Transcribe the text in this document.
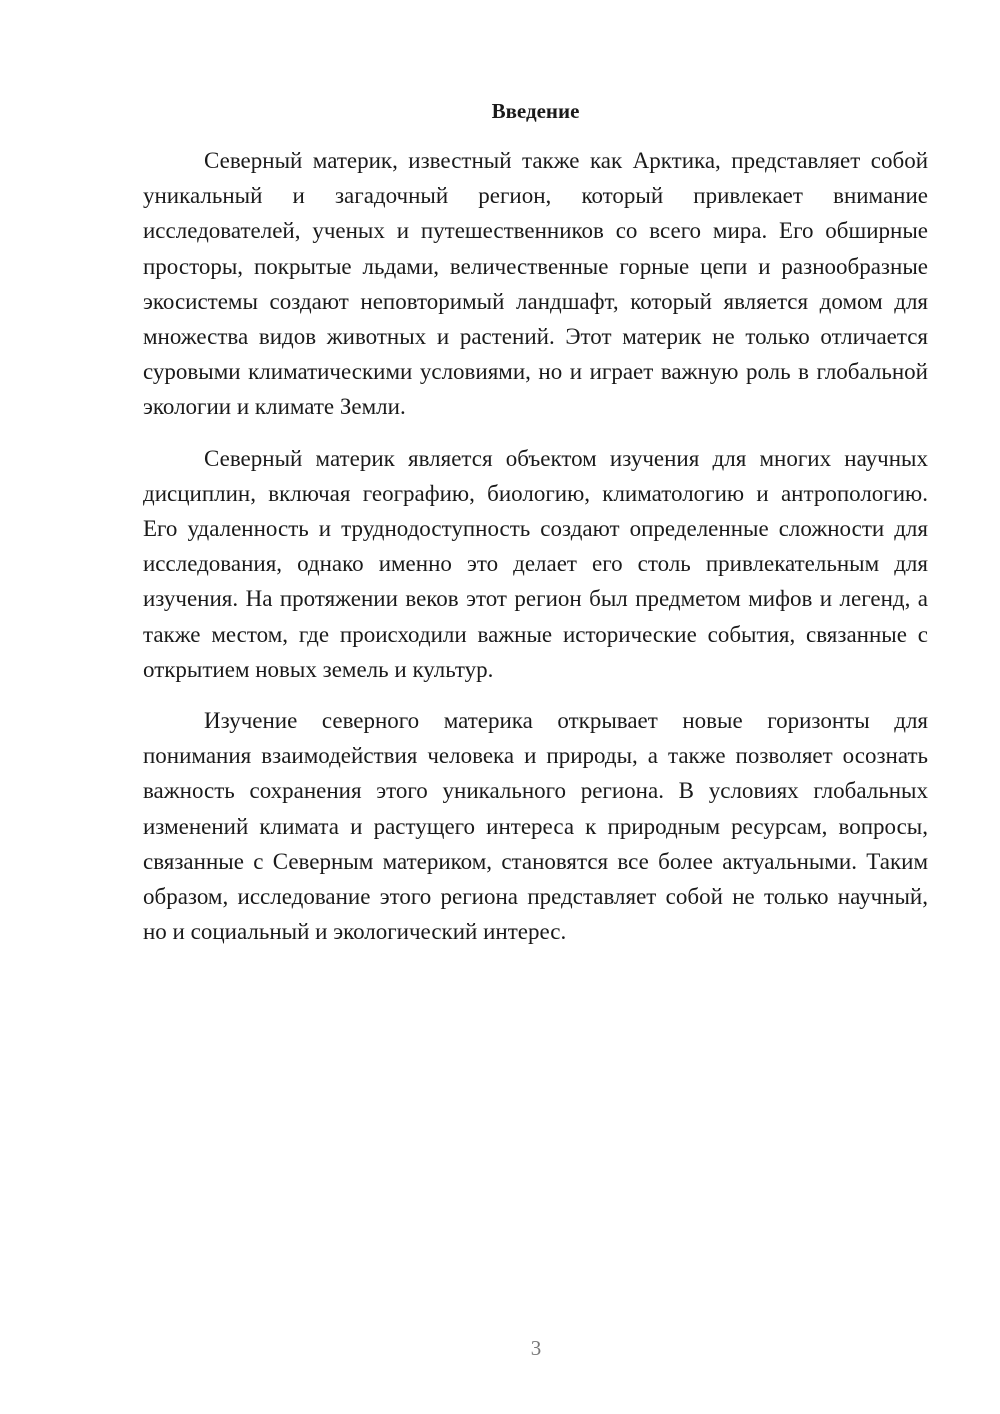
Введение

Северный материк, известный также как Арктика, представляет собой уникальный и загадочный регион, который привлекает внимание исследователей, ученых и путешественников со всего мира. Его обширные просторы, покрытые льдами, величественные горные цепи и разнообразные экосистемы создают неповторимый ландшафт, который является домом для множества видов животных и растений. Этот материк не только отличается суровыми климатическими условиями, но и играет важную роль в глобальной экологии и климате Земли.

Северный материк является объектом изучения для многих научных дисциплин, включая географию, биологию, климатологию и антропологию. Его удаленность и труднодоступность создают определенные сложности для исследования, однако именно это делает его столь привлекательным для изучения. На протяжении веков этот регион был предметом мифов и легенд, а также местом, где происходили важные исторические события, связанные с открытием новых земель и культур.

Изучение северного материка открывает новые горизонты для понимания взаимодействия человека и природы, а также позволяет осознать важность сохранения этого уникального региона. В условиях глобальных изменений климата и растущего интереса к природным ресурсам, вопросы, связанные с Северным материком, становятся все более актуальными. Таким образом, исследование этого региона представляет собой не только научный, но и социальный и экологический интерес.

3
